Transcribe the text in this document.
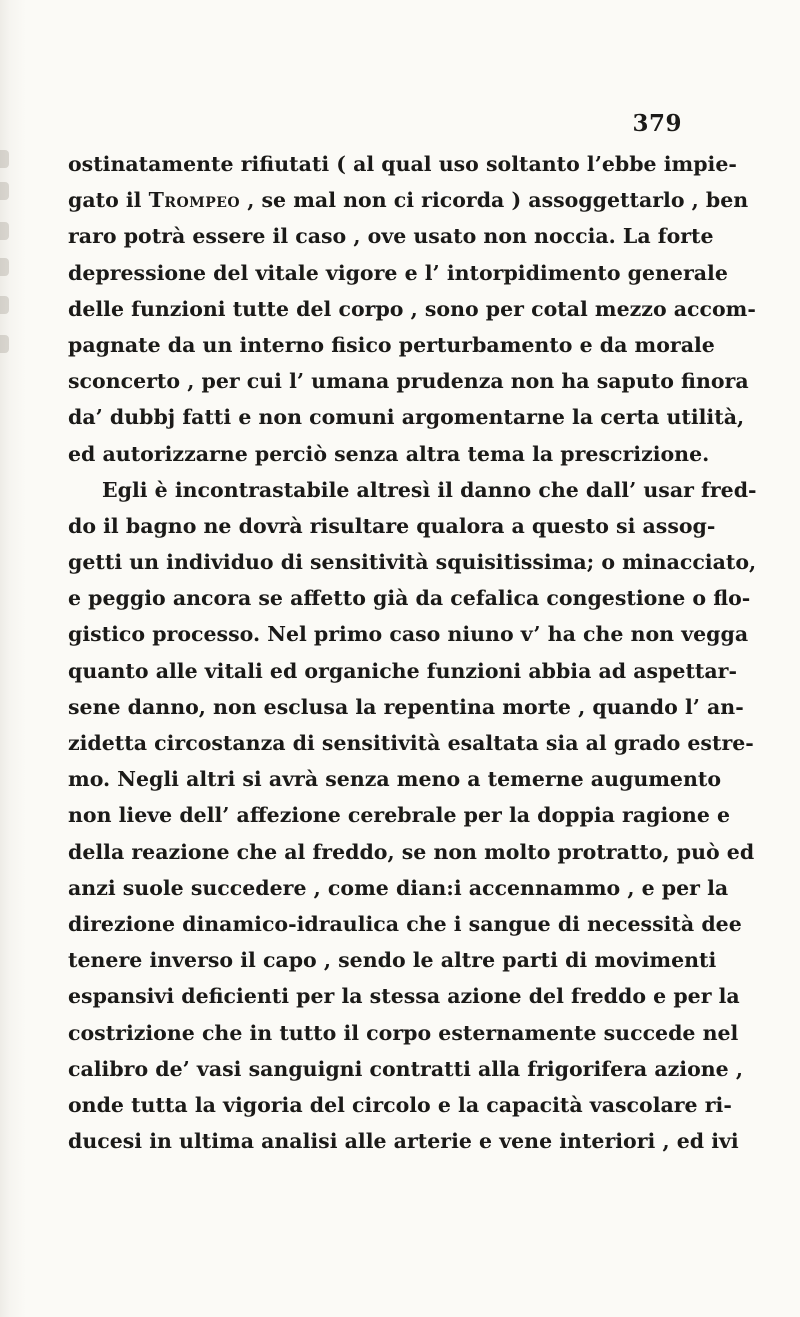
379
ostinatamente rifiutati ( al qual uso soltanto l’ebbe impie-
gato il Trompeo , se mal non ci ricorda ) assoggettarlo , ben
raro potrà essere il caso , ove usato non noccia. La forte
depressione del vitale vigore e l’ intorpidimento generale
delle funzioni tutte del corpo , sono per cotal mezzo accom-
pagnate da un interno fisico perturbamento e da morale
sconcerto , per cui l’ umana prudenza non ha saputo finora
da’ dubbj fatti e non comuni argomentarne la certa utilità,
ed autorizzarne perciò senza altra tema la prescrizione.
Egli è incontrastabile altresì il danno che dall’ usar fred-
do il bagno ne dovrà risultare qualora a questo si assog-
getti un individuo di sensitività squisitissima; o minacciato,
e peggio ancora se affetto già da cefalica congestione o flo-
gistico processo. Nel primo caso niuno v’ ha che non vegga
quanto alle vitali ed organiche funzioni abbia ad aspettar-
sene danno, non esclusa la repentina morte , quando l’ an-
zidetta circostanza di sensitività esaltata sia al grado estre-
mo. Negli altri si avrà senza meno a temerne augumento
non lieve dell’ affezione cerebrale per la doppia ragione e
della reazione che al freddo, se non molto protratto, può ed
anzi suole succedere , come dian:i accennammo , e per la
direzione dinamico-idraulica che i sangue di necessità dee
tenere inverso il capo , sendo le altre parti di movimenti
espansivi deficienti per la stessa azione del freddo e per la
costrizione che in tutto il corpo esternamente succede nel
calibro de’ vasi sanguigni contratti alla frigorifera azione ,
onde tutta la vigoria del circolo e la capacità vascolare ri-
ducesi in ultima analisi alle arterie e vene interiori , ed ivi
